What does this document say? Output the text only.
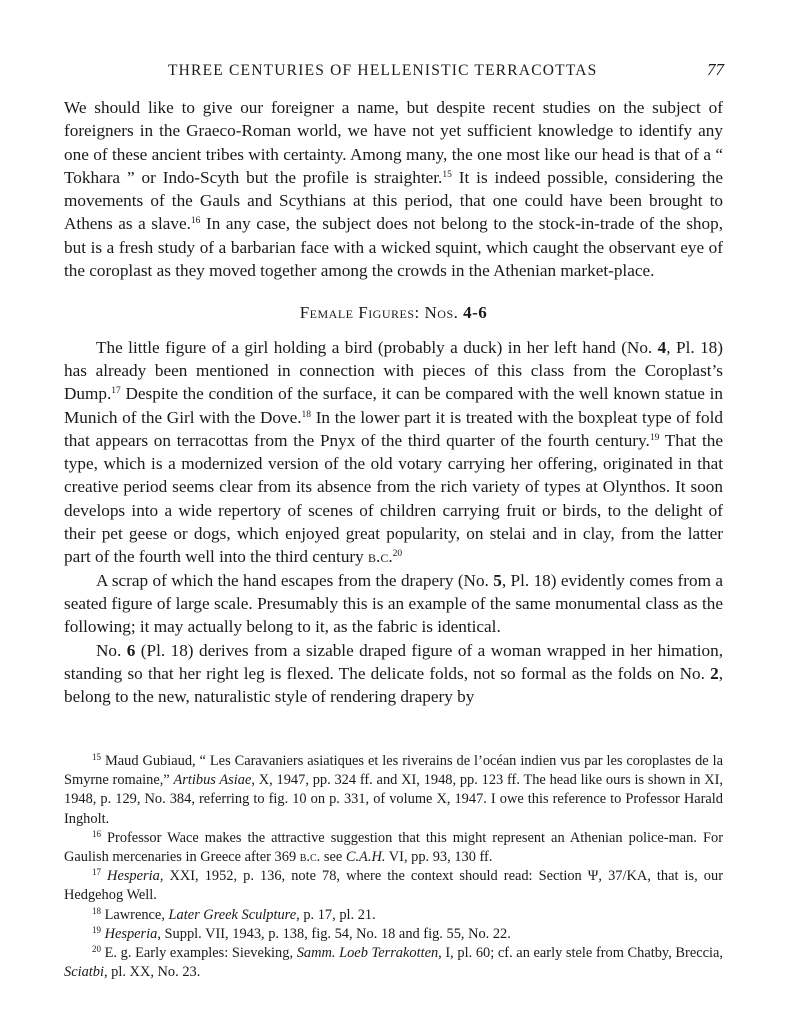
THREE CENTURIES OF HELLENISTIC TERRACOTTAS	77

We should like to give our foreigner a name, but despite recent studies on the subject of foreigners in the Graeco-Roman world, we have not yet sufficient knowledge to identify any one of these ancient tribes with certainty. Among many, the one most like our head is that of a “ Tokhara ” or Indo-Scyth but the profile is straighter.$^{15}$ It is indeed possible, considering the movements of the Gauls and Scythians at this period, that one could have been brought to Athens as a slave.$^{16}$ In any case, the subject does not belong to the stock-in-trade of the shop, but is a fresh study of a barbarian face with a wicked squint, which caught the observant eye of the coroplast as they moved together among the crowds in the Athenian market-place.

Female Figures: Nos. 4-6

The little figure of a girl holding a bird (probably a duck) in her left hand (No. 4, Pl. 18) has already been mentioned in connection with pieces of this class from the Coroplast’s Dump.$^{17}$ Despite the condition of the surface, it can be compared with the well known statue in Munich of the Girl with the Dove.$^{18}$ In the lower part it is treated with the boxpleat type of fold that appears on terracottas from the Pnyx of the third quarter of the fourth century.$^{19}$ That the type, which is a modernized version of the old votary carrying her offering, originated in that creative period seems clear from its absence from the rich variety of types at Olynthos. It soon develops into a wide repertory of scenes of children carrying fruit or birds, to the delight of their pet geese or dogs, which enjoyed great popularity, on stelai and in clay, from the latter part of the fourth well into the third century b.c.$^{20}$

A scrap of which the hand escapes from the drapery (No. 5, Pl. 18) evidently comes from a seated figure of large scale. Presumably this is an example of the same monumental class as the following; it may actually belong to it, as the fabric is identical.

No. 6 (Pl. 18) derives from a sizable draped figure of a woman wrapped in her himation, standing so that her right leg is flexed. The delicate folds, not so formal as the folds on No. 2, belong to the new, naturalistic style of rendering drapery by

$^{15}$ Maud Gubiaud, “ Les Caravaniers asiatiques et les riverains de l’océan indien vus par les coroplastes de la Smyrne romaine,” Artibus Asiae, X, 1947, pp. 324 ff. and XI, 1948, pp. 123 ff. The head like ours is shown in XI, 1948, p. 129, No. 384, referring to fig. 10 on p. 331, of volume X, 1947. I owe this reference to Professor Harald Ingholt.

$^{16}$ Professor Wace makes the attractive suggestion that this might represent an Athenian police-man. For Gaulish mercenaries in Greece after 369 b.c. see C.A.H. VI, pp. 93, 130 ff.

$^{17}$ Hesperia, XXI, 1952, p. 136, note 78, where the context should read: Section Ψ, 37/KA, that is, our Hedgehog Well.

$^{18}$ Lawrence, Later Greek Sculpture, p. 17, pl. 21.

$^{19}$ Hesperia, Suppl. VII, 1943, p. 138, fig. 54, No. 18 and fig. 55, No. 22.

$^{20}$ E. g. Early examples: Sieveking, Samm. Loeb Terrakotten, I, pl. 60; cf. an early stele from Chatby, Breccia, Sciatbi, pl. XX, No. 23.
